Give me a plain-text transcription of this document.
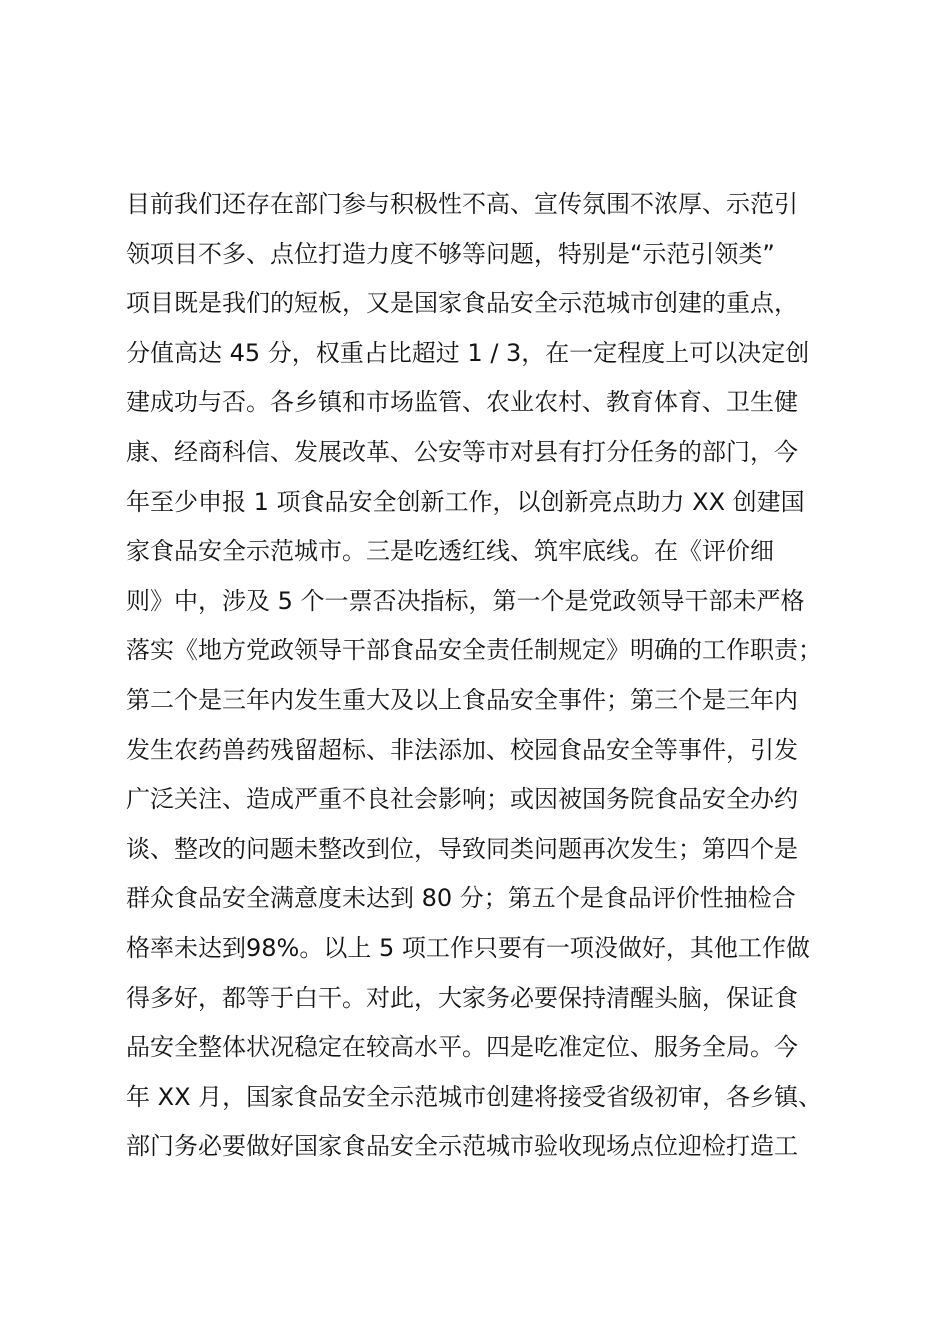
目前我们还存在部门参与积极性不高、宣传氛围不浓厚、示范引
领项目不多、点位打造力度不够等问题，特别是“示范引领类”
项目既是我们的短板，又是国家食品安全示范城市创建的重点，
分值高达 45 分，权重占比超过 1 / 3，在一定程度上可以决定创
建成功与否。各乡镇和市场监管、农业农村、教育体育、卫生健
康、经商科信、发展改革、公安等市对县有打分任务的部门，今
年至少申报 1 项食品安全创新工作，以创新亮点助力 XX 创建国
家食品安全示范城市。三是吃透红线、筑牢底线。在《评价细
则》中，涉及 5 个一票否决指标，第一个是党政领导干部未严格
落实《地方党政领导干部食品安全责任制规定》明确的工作职责；
第二个是三年内发生重大及以上食品安全事件；第三个是三年内
发生农药兽药残留超标、非法添加、校园食品安全等事件，引发
广泛关注、造成严重不良社会影响；或因被国务院食品安全办约
谈、整改的问题未整改到位，导致同类问题再次发生；第四个是
群众食品安全满意度未达到 80 分；第五个是食品评价性抽检合
格率未达到98%。以上 5 项工作只要有一项没做好，其他工作做
得多好，都等于白干。对此，大家务必要保持清醒头脑，保证食
品安全整体状况稳定在较高水平。四是吃准定位、服务全局。今
年 XX 月，国家食品安全示范城市创建将接受省级初审，各乡镇、
部门务必要做好国家食品安全示范城市验收现场点位迎检打造工
